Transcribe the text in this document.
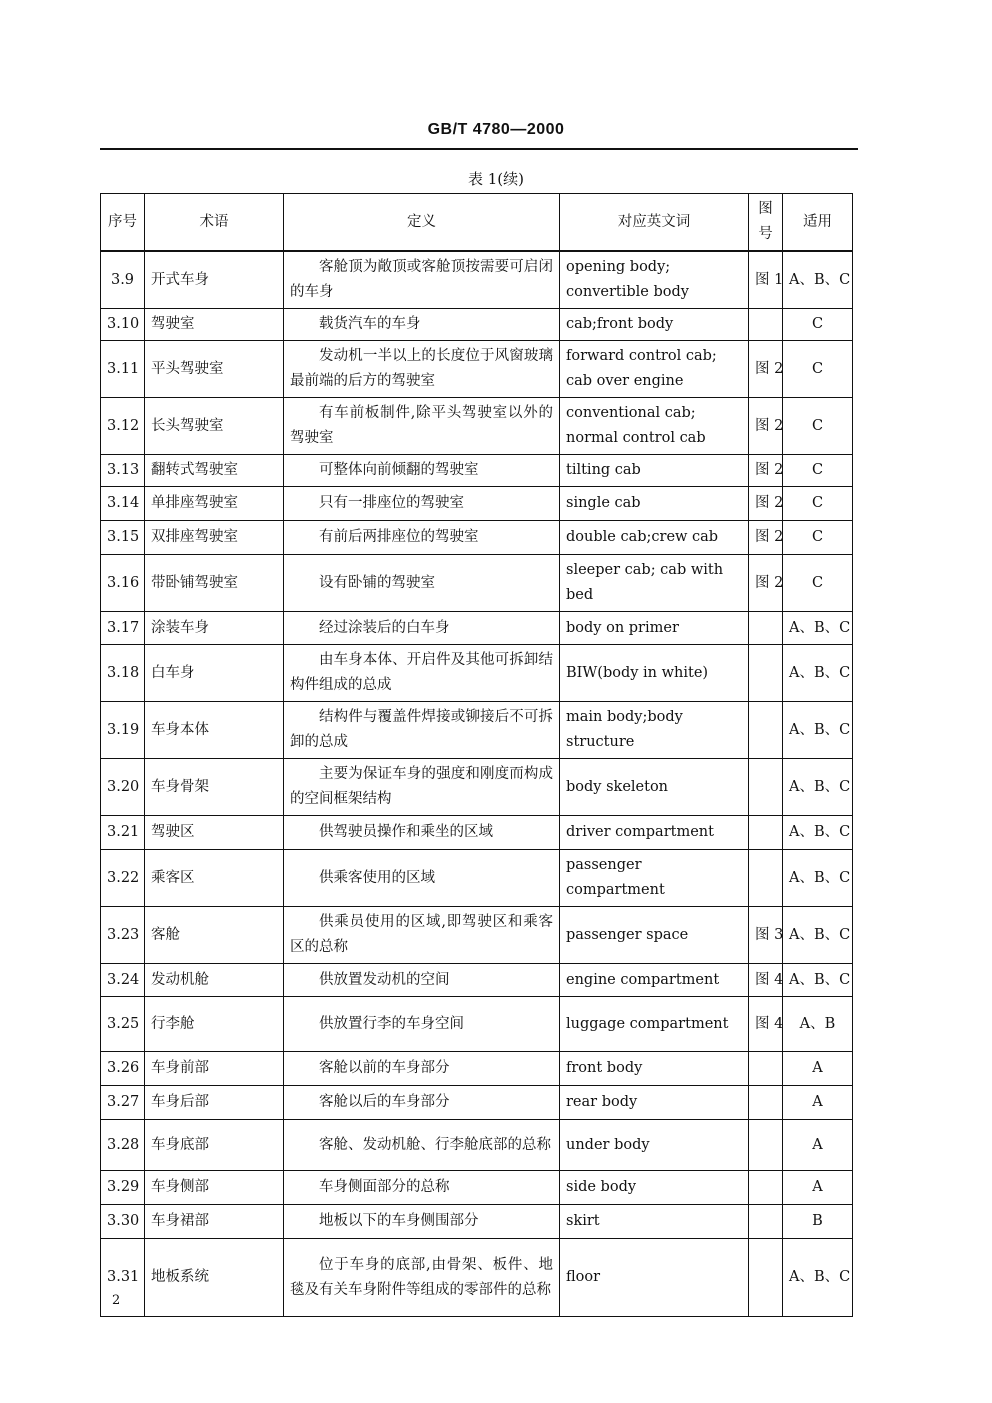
GB/T 4780—2000
表 1(续)
序号	术语	定义	对应英文词	图号	适用
3.9	开式车身	客舱顶为敞顶或客舱顶按需要可启闭的车身	opening body; convertible body	图 1	A、B、C
3.10	驾驶室	载货汽车的车身	cab;front body		C
3.11	平头驾驶室	发动机一半以上的长度位于风窗玻璃最前端的后方的驾驶室	forward control cab; cab over engine	图 2	C
3.12	长头驾驶室	有车前板制件,除平头驾驶室以外的驾驶室	conventional cab; normal control cab	图 2	C
3.13	翻转式驾驶室	可整体向前倾翻的驾驶室	tilting cab	图 2	C
3.14	单排座驾驶室	只有一排座位的驾驶室	single cab	图 2	C
3.15	双排座驾驶室	有前后两排座位的驾驶室	double cab;crew cab	图 2	C
3.16	带卧铺驾驶室	设有卧铺的驾驶室	sleeper cab; cab with bed	图 2	C
3.17	涂装车身	经过涂装后的白车身	body on primer		A、B、C
3.18	白车身	由车身本体、开启件及其他可拆卸结构件组成的总成	BIW(body in white)		A、B、C
3.19	车身本体	结构件与覆盖件焊接或铆接后不可拆卸的总成	main body;body structure		A、B、C
3.20	车身骨架	主要为保证车身的强度和刚度而构成的空间框架结构	body skeleton		A、B、C
3.21	驾驶区	供驾驶员操作和乘坐的区域	driver compartment		A、B、C
3.22	乘客区	供乘客使用的区域	passenger compartment		A、B、C
3.23	客舱	供乘员使用的区域,即驾驶区和乘客区的总称	passenger space	图 3	A、B、C
3.24	发动机舱	供放置发动机的空间	engine compartment	图 4	A、B、C
3.25	行李舱	供放置行李的车身空间	luggage compartment	图 4	A、B
3.26	车身前部	客舱以前的车身部分	front body		A
3.27	车身后部	客舱以后的车身部分	rear body		A
3.28	车身底部	客舱、发动机舱、行李舱底部的总称	under body		A
3.29	车身侧部	车身侧面部分的总称	side body		A
3.30	车身裙部	地板以下的车身侧围部分	skirt		B
3.31	地板系统	位于车身的底部,由骨架、板件、地毯及有关车身附件等组成的零部件的总称	floor		A、B、C
2
